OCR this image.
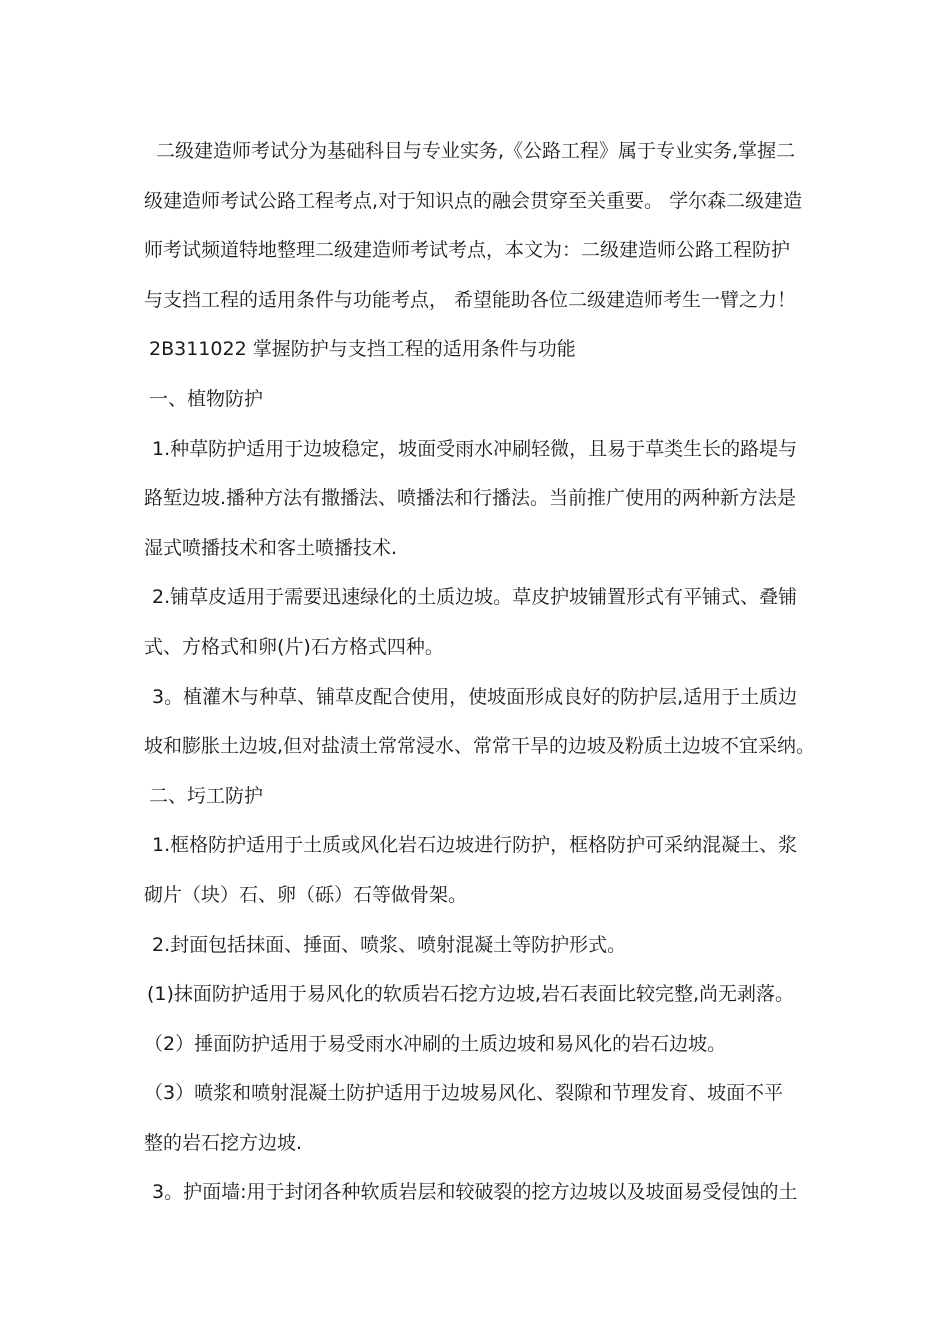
二级建造师考试分为基础科目与专业实务,《公路工程》属于专业实务,掌握二
级建造师考试公路工程考点,对于知识点的融会贯穿至关重要。 学尔森二级建造
师考试频道特地整理二级建造师考试考点，本文为：二级建造师公路工程防护
与支挡工程的适用条件与功能考点， 希望能助各位二级建造师考生一臂之力！
2B311022 掌握防护与支挡工程的适用条件与功能
一、植物防护
1.种草防护适用于边坡稳定，坡面受雨水冲刷轻微，且易于草类生长的路堤与
路堑边坡.播种方法有撒播法、喷播法和行播法。当前推广使用的两种新方法是
湿式喷播技术和客土喷播技术.
2.铺草皮适用于需要迅速绿化的土质边坡。草皮护坡铺置形式有平铺式、叠铺
式、方格式和卵(片)石方格式四种。
3。植灌木与种草、铺草皮配合使用，使坡面形成良好的防护层,适用于土质边
坡和膨胀土边坡,但对盐渍土常常浸水、常常干旱的边坡及粉质土边坡不宜采纳。
二、圬工防护
1.框格防护适用于土质或风化岩石边坡进行防护，框格防护可采纳混凝土、浆
砌片（块）石、卵（砾）石等做骨架。
2.封面包括抹面、捶面、喷浆、喷射混凝土等防护形式。
(1)抹面防护适用于易风化的软质岩石挖方边坡,岩石表面比较完整,尚无剥落。
（2）捶面防护适用于易受雨水冲刷的土质边坡和易风化的岩石边坡。
（3）喷浆和喷射混凝土防护适用于边坡易风化、裂隙和节理发育、坡面不平
整的岩石挖方边坡.
3。护面墙:用于封闭各种软质岩层和较破裂的挖方边坡以及坡面易受侵蚀的土
